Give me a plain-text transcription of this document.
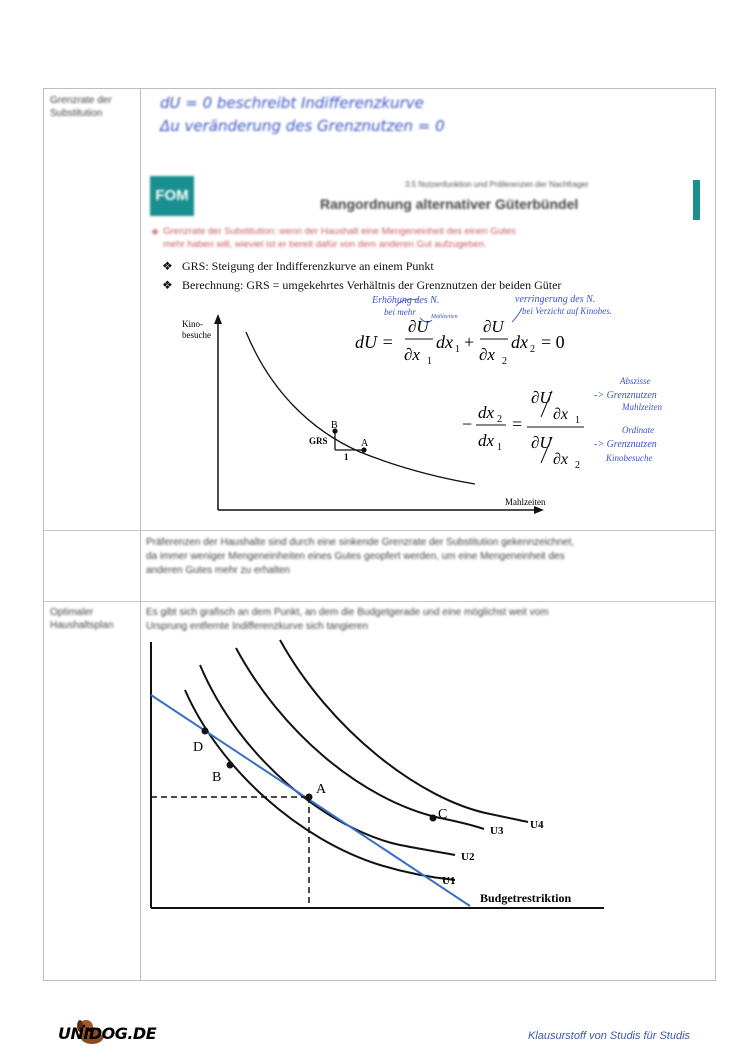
Grenzrate der Substitution
Optimaler Haushaltsplan
dU = 0 beschreibt Indifferenzkurve
Δu veränderung des Grenznutzen = 0
FOM
3.5 Nutzenfunktion und Präferenzen der Nachfrager
Rangordnung alternativer Güterbündel
Grenzrate der Substitution: wenn der Haushalt eine Mengeneinheit des einen Gutes
mehr haben will, wieviel ist er bereit dafür von dem anderen Gut aufzugeben.
❖
❖ GRS: Steigung der Indifferenzkurve an einem Punkt
❖ Berechnung: GRS = umgekehrtes Verhältnis der Grenznutzen der beiden Güter
Kino-
besuche
Mahlzeiten
B
A
GRS
1
dU =
∂U
∂x 1
dx 1 +
∂U
∂x 2
dx 2 = 0
−
dx 2
dx 1
=
∂U
∂x 1
∂U
∂x 2
Erhöhung des N.
bei mehr	Mahlzeiten
verringerung des N.
bei Verzicht auf Kinobes.
Abszisse
-> Grenznutzen
Mahlzeiten
Ordinate
-> Grenznutzen
Kinobesuche
Präferenzen der Haushalte sind durch eine sinkende Grenzrate der Substitution gekennzeichnet,
da immer weniger Mengeneinheiten eines Gutes geopfert werden, um eine Mengeneinheit des
anderen Gutes mehr zu erhalten
Es gibt sich grafisch an dem Punkt, an dem die Budgetgerade und eine möglichst weit vom
Ursprung entfernte Indifferenzkurve sich tangieren
D
B
A
C
U1
U2
U3 U4
Budgetrestriktion
UNIDOG.DE	Klausurstoff von Studis für Studis
